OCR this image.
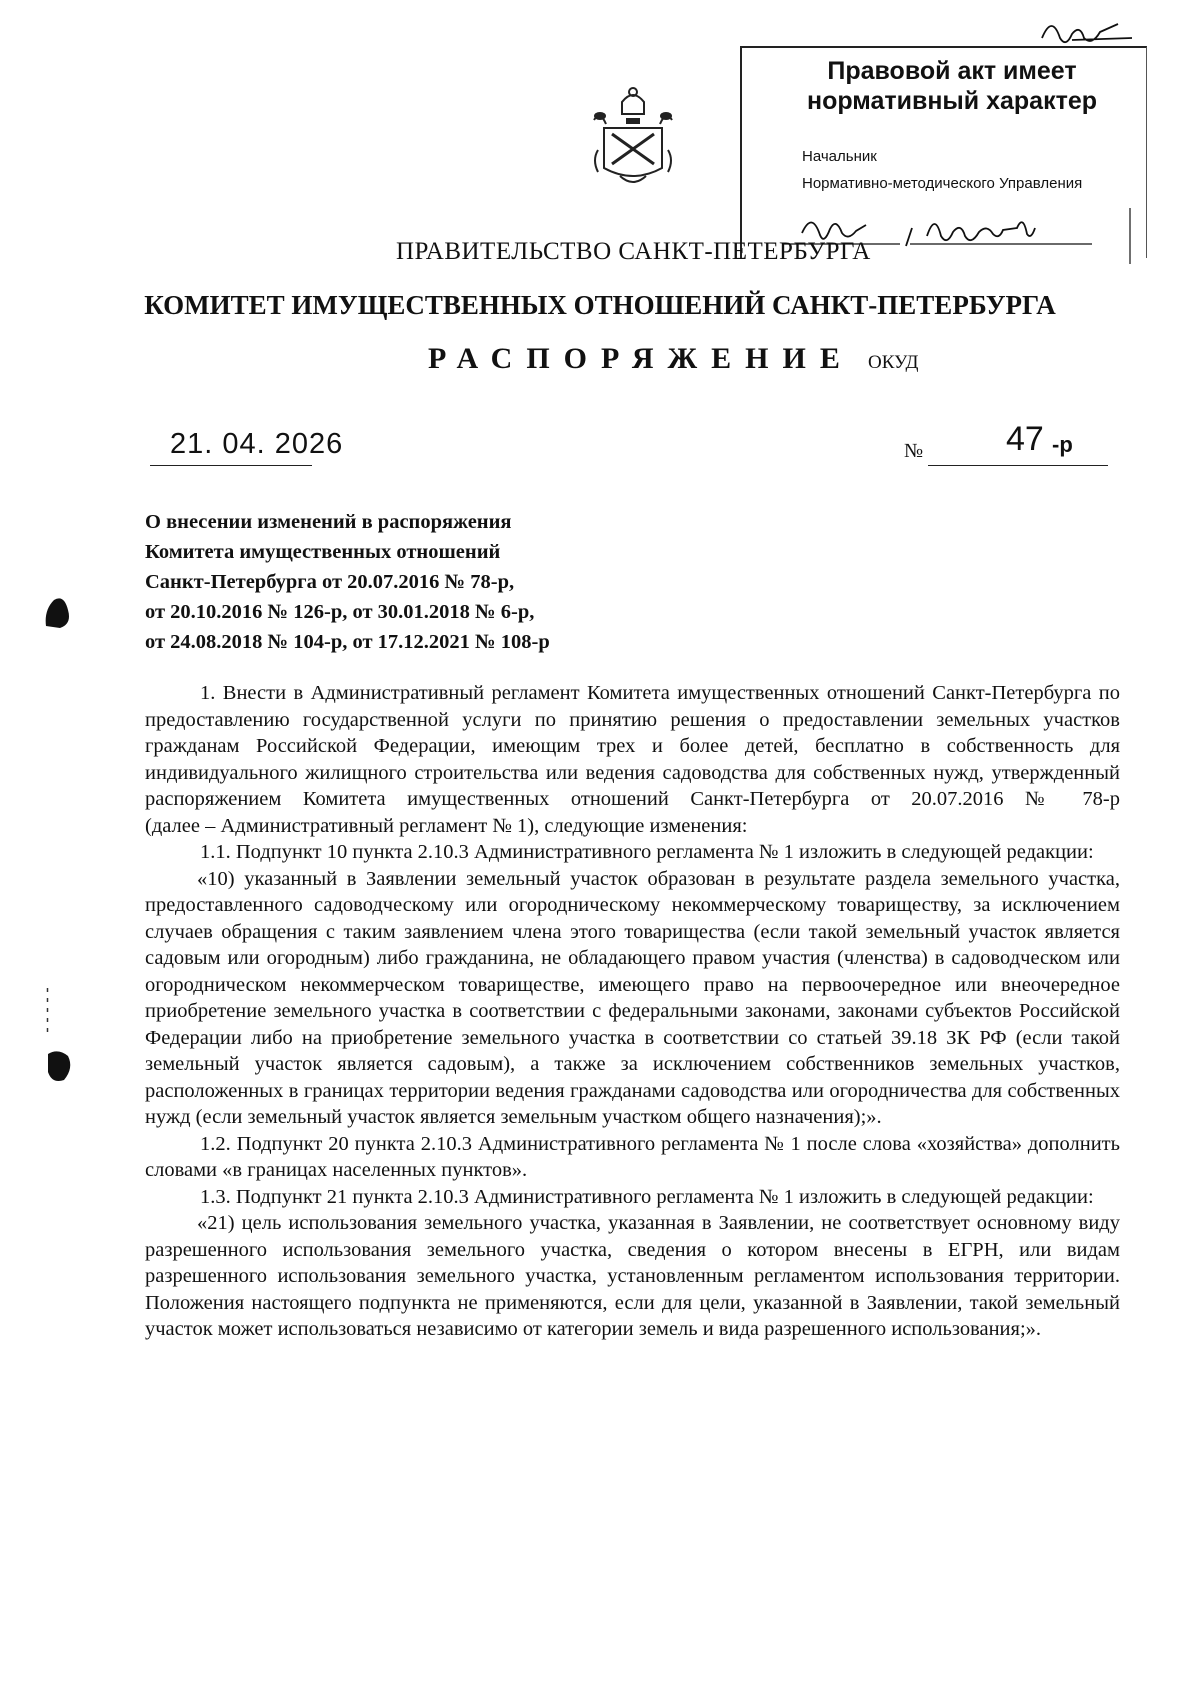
Правовой акт имеет нормативный характер
Начальник
Нормативно-методического Управления
ПРАВИТЕЛЬСТВО САНКТ-ПЕТЕРБУРГА
КОМИТЕТ ИМУЩЕСТВЕННЫХ ОТНОШЕНИЙ САНКТ-ПЕТЕРБУРГА
РАСПОРЯЖЕНИЕ ОКУД
21. 04. 2026	№ 47 -р
О внесении изменений в распоряжения
Комитета имущественных отношений
Санкт-Петербурга от 20.07.2016 № 78-р,
от 20.10.2016 № 126-р, от 30.01.2018 № 6-р,
от 24.08.2018 № 104-р, от 17.12.2021 № 108-р

1. Внести в Административный регламент Комитета имущественных отношений Санкт-Петербурга по предоставлению государственной услуги по принятию решения о предоставлении земельных участков гражданам Российской Федерации, имеющим трех и более детей, бесплатно в собственность для индивидуального жилищного строительства или ведения садоводства для собственных нужд, утвержденный распоряжением Комитета имущественных отношений Санкт-Петербурга от 20.07.2016 № 78-р

(далее – Административный регламент № 1), следующие изменения:

1.1. Подпункт 10 пункта 2.10.3 Административного регламента № 1 изложить в следующей редакции:

«10) указанный в Заявлении земельный участок образован в результате раздела земельного участка, предоставленного садоводческому или огородническому некоммерческому товариществу, за исключением случаев обращения с таким заявлением члена этого товарищества (если такой земельный участок является садовым или огородным) либо гражданина, не обладающего правом участия (членства) в садоводческом или огородническом некоммерческом товариществе, имеющего право на первоочередное или внеочередное приобретение земельного участка в соответствии с федеральными законами, законами субъектов Российской Федерации либо на приобретение земельного участка в соответствии со статьей 39.18 ЗК РФ (если такой земельный участок является садовым), а также за исключением собственников земельных участков, расположенных в границах территории ведения гражданами садоводства или огородничества для собственных нужд (если земельный участок является земельным участком общего назначения);».

1.2. Подпункт 20 пункта 2.10.3 Административного регламента № 1 после слова «хозяйства» дополнить словами «в границах населенных пунктов».

1.3. Подпункт 21 пункта 2.10.3 Административного регламента № 1 изложить в следующей редакции:

«21) цель использования земельного участка, указанная в Заявлении, не соответствует основному виду разрешенного использования земельного участка, сведения о котором внесены в ЕГРН, или видам разрешенного использования земельного участка, установленным регламентом использования территории. Положения настоящего подпункта не применяются, если для цели, указанной в Заявлении, такой земельный участок может использоваться независимо от категории земель и вида разрешенного использования;».
